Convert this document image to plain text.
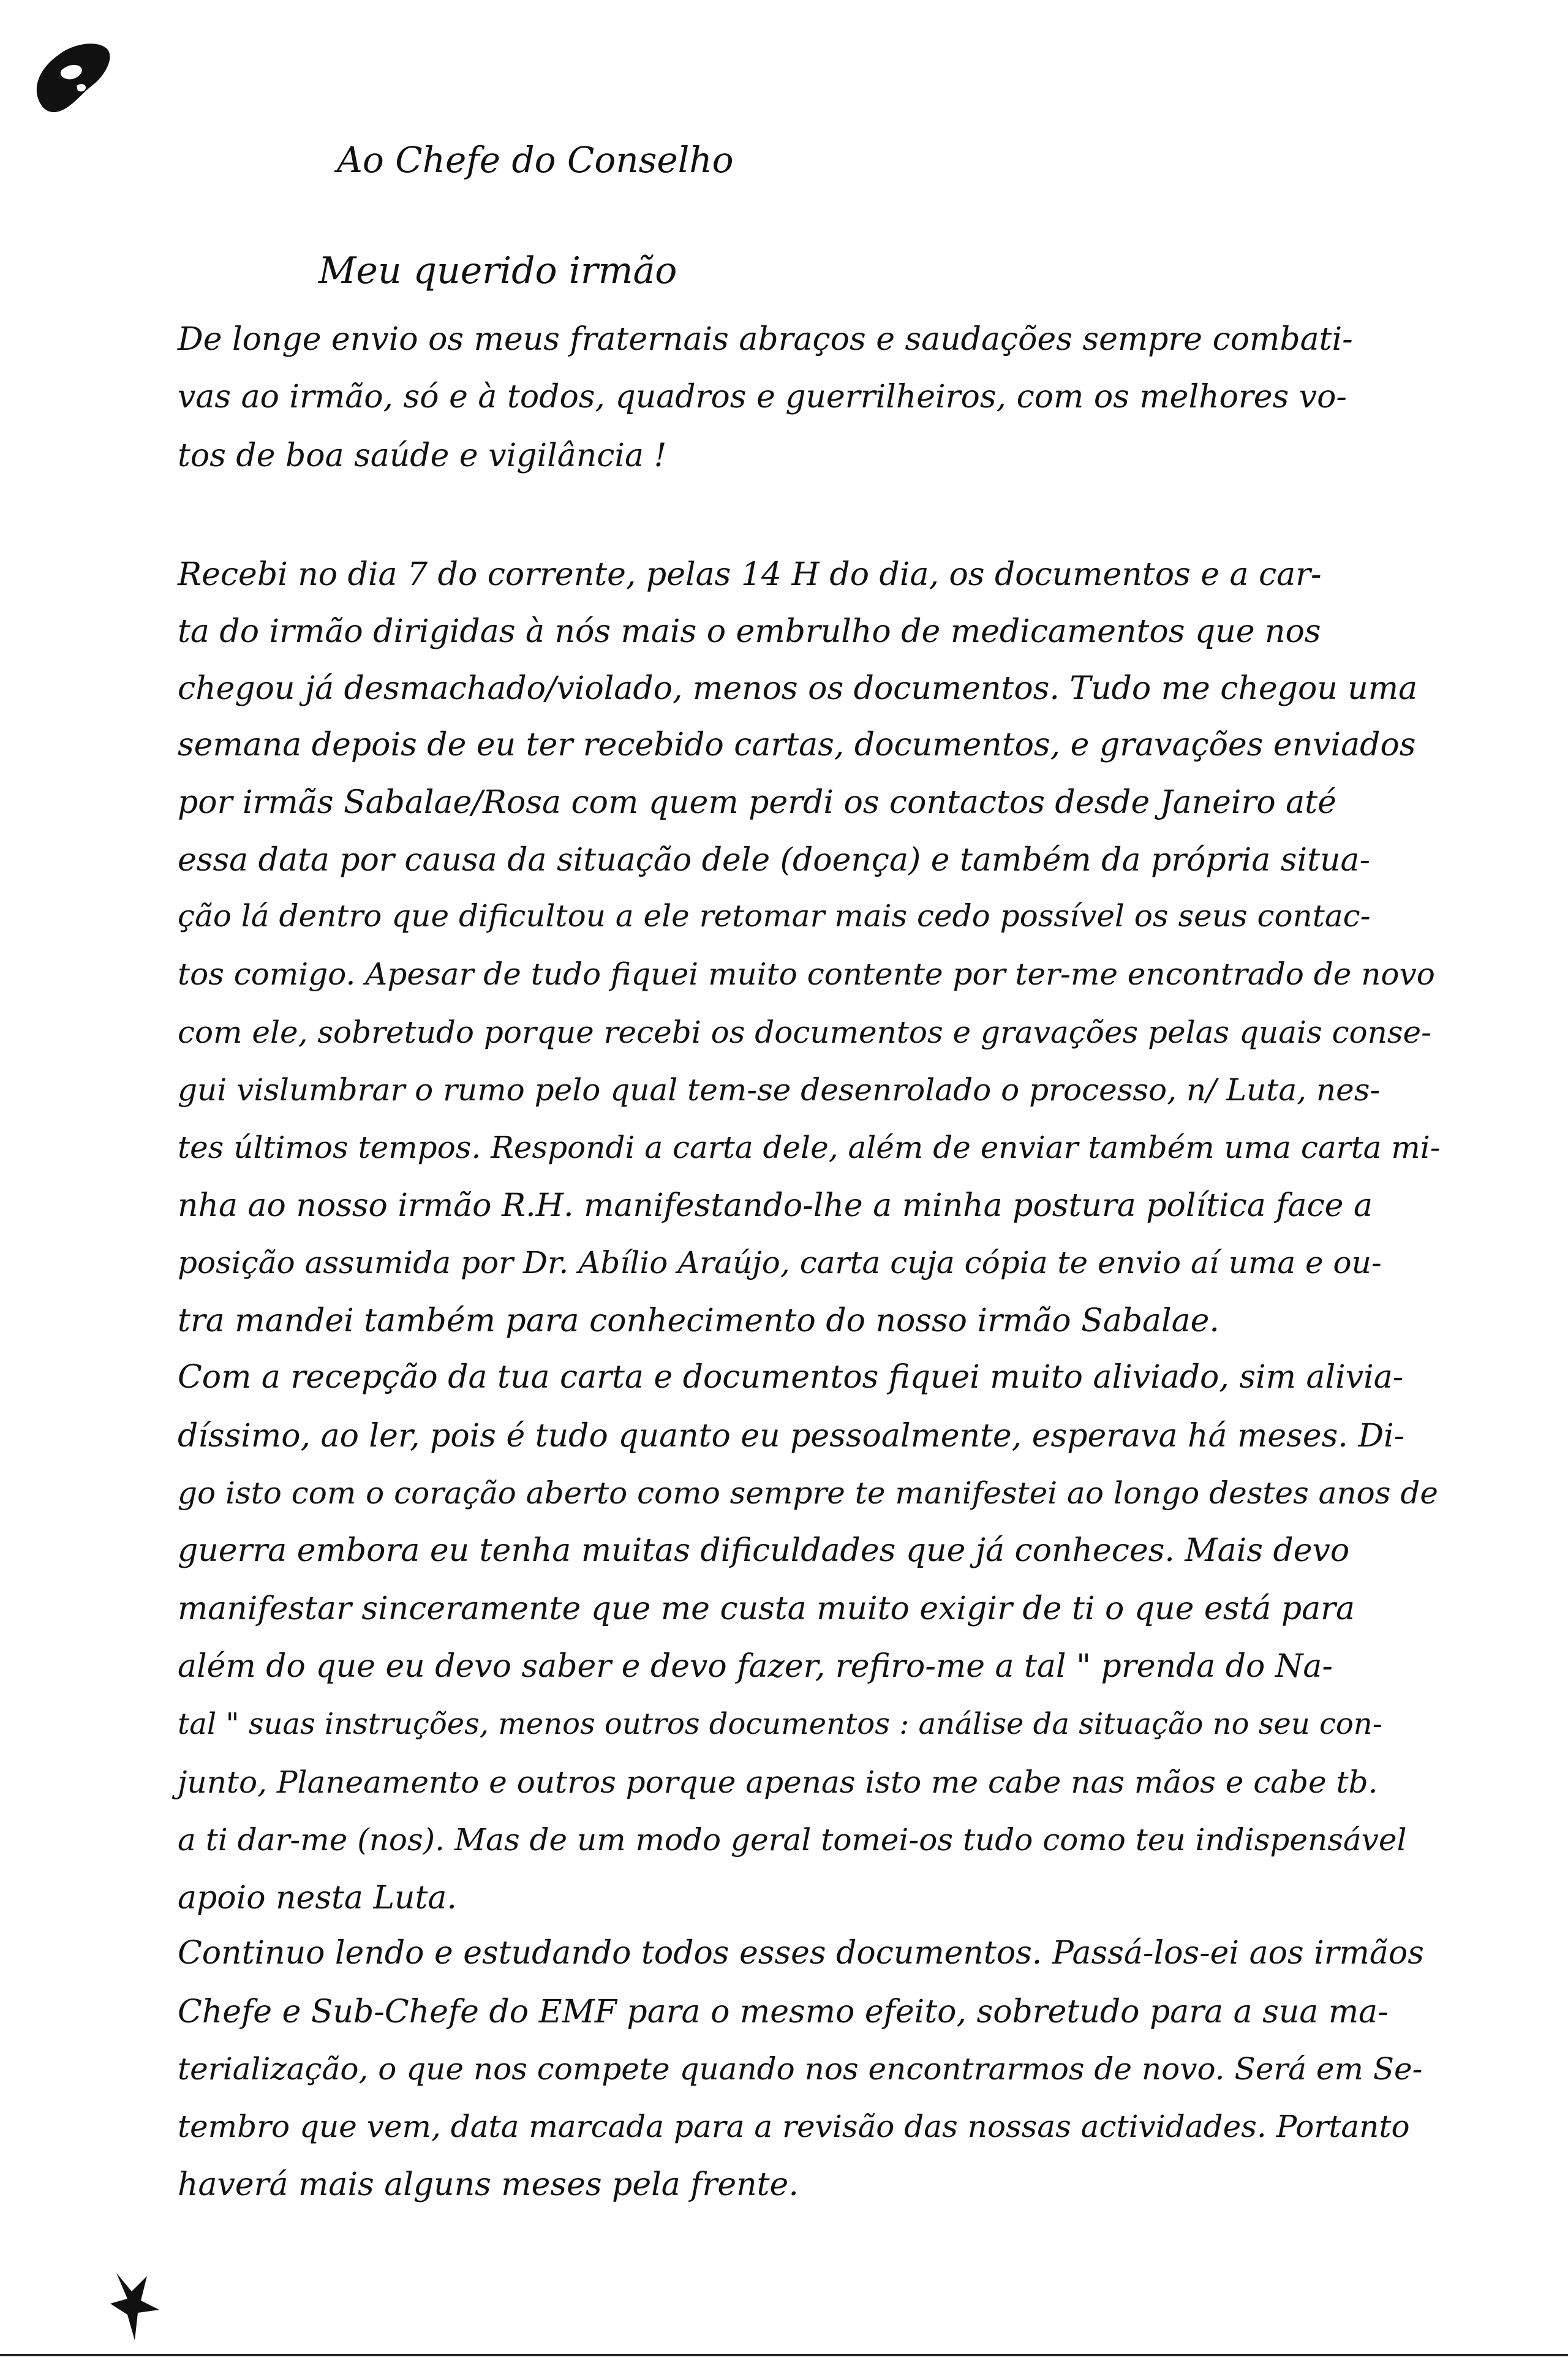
Ao Chefe do Conselho
Meu querido irmão
De longe envio os meus fraternais abraços e saudações sempre combati-
vas ao irmão, só e à todos, quadros e guerrilheiros, com os melhores vo-
tos de boa saúde e vigilância !
Recebi no dia 7 do corrente, pelas 14 H do dia, os documentos e a car-
ta do irmão dirigidas à nós mais o embrulho de medicamentos que nos
chegou já desmachado/violado, menos os documentos. Tudo me chegou uma
semana depois de eu ter recebido cartas, documentos, e gravações enviados
por irmãs Sabalae/Rosa com quem perdi os contactos desde Janeiro até
essa data por causa da situação dele (doença) e também da própria situa-
ção lá dentro que dificultou a ele retomar mais cedo possível os seus contac-
tos comigo. Apesar de tudo fiquei muito contente por ter-me encontrado de novo
com ele, sobretudo porque recebi os documentos e gravações pelas quais conse-
gui vislumbrar o rumo pelo qual tem-se desenrolado o processo, n/ Luta, nes-
tes últimos tempos. Respondi a carta dele, além de enviar também uma carta mi-
nha ao nosso irmão R.H. manifestando-lhe a minha postura política face a
posição assumida por Dr. Abílio Araújo, carta cuja cópia te envio aí uma e ou-
tra mandei também para conhecimento do nosso irmão Sabalae.
Com a recepção da tua carta e documentos fiquei muito aliviado, sim alivia-
díssimo, ao ler, pois é tudo quanto eu pessoalmente, esperava há meses. Di-
go isto com o coração aberto como sempre te manifestei ao longo destes anos de
guerra embora eu tenha muitas dificuldades que já conheces. Mais devo
manifestar sinceramente que me custa muito exigir de ti o que está para
além do que eu devo saber e devo fazer, refiro-me a tal " prenda do Na-
tal " suas instruções, menos outros documentos : análise da situação no seu con-
junto, Planeamento e outros porque apenas isto me cabe nas mãos e cabe tb.
a ti dar-me (nos). Mas de um modo geral tomei-os tudo como teu indispensável
apoio nesta Luta.
Continuo lendo e estudando todos esses documentos. Passá-los-ei aos irmãos
Chefe e Sub-Chefe do EMF para o mesmo efeito, sobretudo para a sua ma-
terialização, o que nos compete quando nos encontrarmos de novo. Será em Se-
tembro que vem, data marcada para a revisão das nossas actividades. Portanto
haverá mais alguns meses pela frente.
